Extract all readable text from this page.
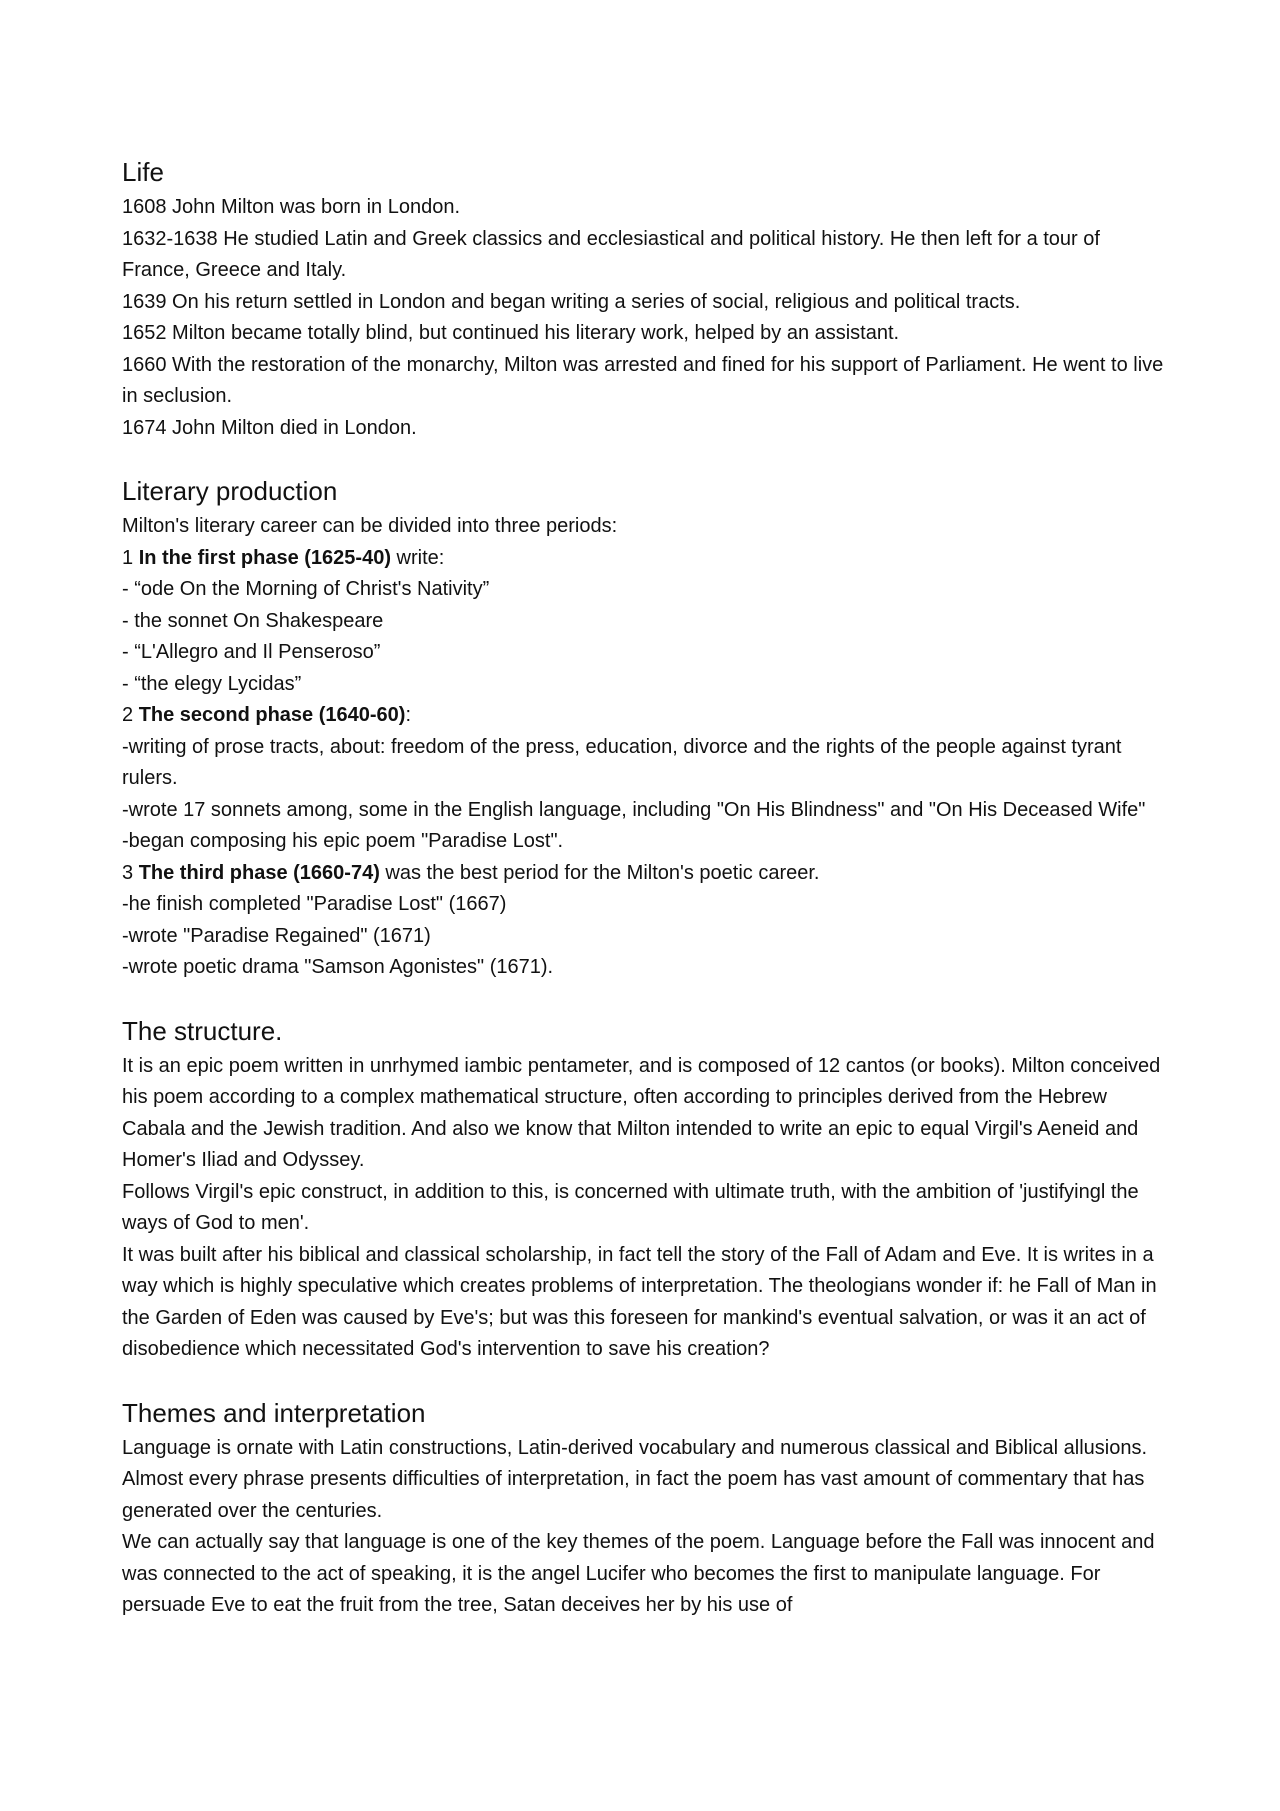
Life

1608 John Milton was born in London.

1632-1638 He studied Latin and Greek classics and ecclesiastical and political history. He then left for a tour of France, Greece and Italy.

1639 On his return settled in London and began writing a series of social, religious and political tracts.

1652 Milton became totally blind, but continued his literary work, helped by an assistant.

1660 With the restoration of the monarchy, Milton was arrested and fined for his support of Parliament. He went to live in seclusion.

1674 John Milton died in London.

Literary production

Milton's literary career can be divided into three periods:

1 In the first phase (1625-40) write:

- “ode On the Morning of Christ's Nativity”

- the sonnet On Shakespeare

- “L'Allegro and Il Penseroso”

- “the elegy Lycidas”

2 The second phase (1640-60):

-writing of prose tracts, about: freedom of the press, education, divorce and the rights of the people against tyrant rulers.

-wrote 17 sonnets among, some in the English language, including "On His Blindness" and "On His Deceased Wife"

-began composing his epic poem "Paradise Lost".

3 The third phase (1660-74) was the best period for the Milton's poetic career.

-he finish completed "Paradise Lost" (1667)

-wrote "Paradise Regained" (1671)

-wrote poetic drama "Samson Agonistes" (1671).

The structure.

It is an epic poem written in unrhymed iambic pentameter, and is composed of 12 cantos (or books). Milton conceived his poem according to a complex mathematical structure, often according to principles derived from the Hebrew Cabala and the Jewish tradition. And also we know that Milton intended to write an epic to equal Virgil's Aeneid and Homer's Iliad and Odyssey.

Follows Virgil's epic construct, in addition to this, is concerned with ultimate truth, with the ambition of 'justifyingl the ways of God to men'.

It was built after his biblical and classical scholarship, in fact tell the story of the Fall of Adam and Eve. It is writes in a way which is highly speculative which creates problems of interpretation. The theologians wonder if: he Fall of Man in the Garden of Eden was caused by Eve's; but was this foreseen for mankind's eventual salvation, or was it an act of disobedience which necessitated God's intervention to save his creation?

Themes and interpretation

Language is ornate with Latin constructions, Latin-derived vocabulary and numerous classical and Biblical allusions. Almost every phrase presents difficulties of interpretation, in fact the poem has vast amount of commentary that has generated over the centuries.

We can actually say that language is one of the key themes of the poem. Language before the Fall was innocent and was connected to the act of speaking, it is the angel Lucifer who becomes the first to manipulate language. For persuade Eve to eat the fruit from the tree, Satan deceives her by his use of
